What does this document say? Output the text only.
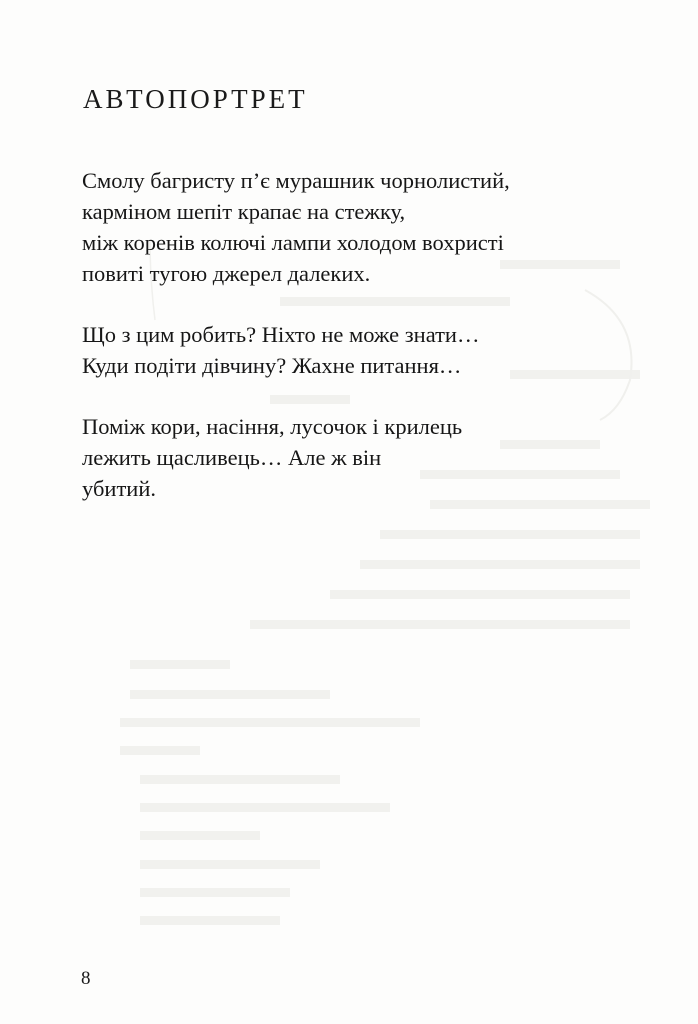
АВТОПОРТРЕТ
Смолу багристу п’є мурашник чорнолистий,
карміном шепіт крапає на стежку,
між коренів колючі лампи холодом вохристі
повиті тугою джерел далеких.
Що з цим робить? Ніхто не може знати…
Куди подіти дівчину? Жахне питання…
Поміж кори, насіння, лусочок і крилець
лежить щасливець… Але ж він
убитий.
8
